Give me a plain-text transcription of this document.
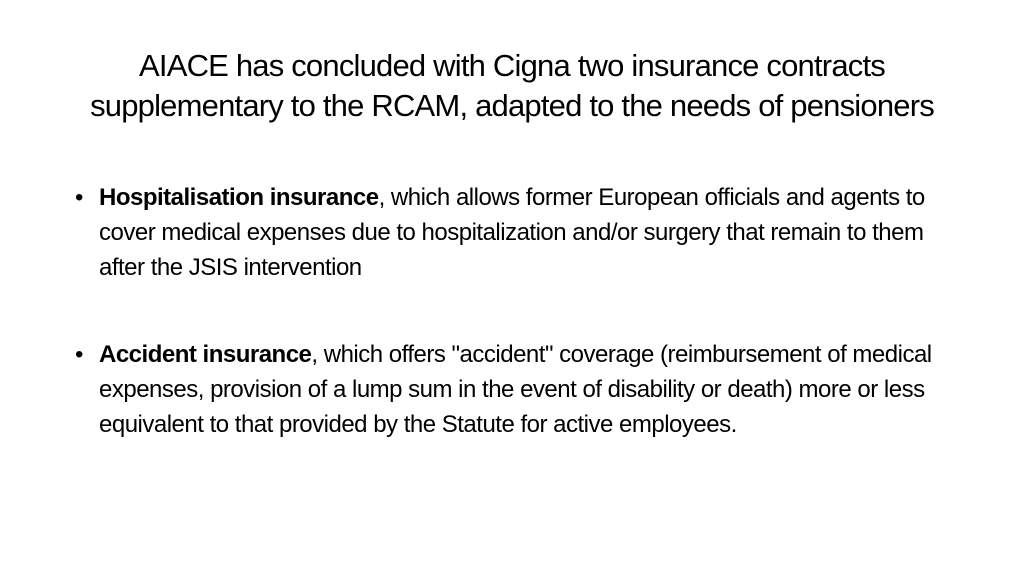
AIACE has concluded with Cigna two insurance contracts
supplementary to the RCAM, adapted to the needs of pensioners
• Hospitalisation insurance, which allows former European officials and agents to cover medical expenses due to hospitalization and/or surgery that remain to them after the JSIS intervention
• Accident insurance, which offers "accident" coverage (reimbursement of medical expenses, provision of a lump sum in the event of disability or death) more or less equivalent to that provided by the Statute for active employees.
